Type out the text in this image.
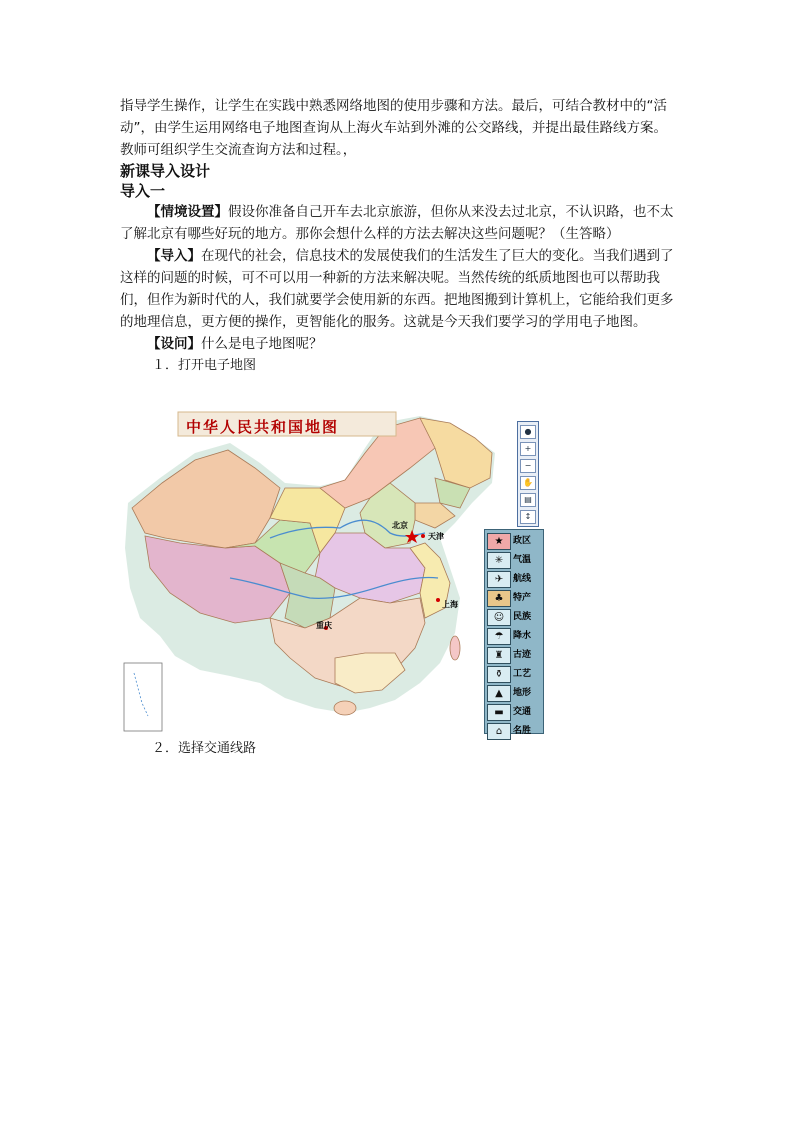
指导学生操作，让学生在实践中熟悉网络地图的使用步骤和方法。最后，可结合教材中的“活动”，由学生运用网络电子地图查询从上海火车站到外滩的公交路线，并提出最佳路线方案。教师可组织学生交流查询方法和过程。，

新课导入设计

导入一

【情境设置】假设你准备自己开车去北京旅游，但你从来没去过北京，不认识路，也不太了解北京有哪些好玩的地方。那你会想什么样的方法去解决这些问题呢？（生答略）

【导入】在现代的社会，信息技术的发展使我们的生活发生了巨大的变化。当我们遇到了这样的问题的时候，可不可以用一种新的方法来解决呢。当然传统的纸质地图也可以帮助我们，但作为新时代的人，我们就要学会使用新的东西。把地图搬到计算机上，它能给我们更多的地理信息，更方便的操作，更智能化的服务。这就是今天我们要学习的学用电子地图。

【设问】什么是电子地图呢？

１．打开电子地图

中华人民共和国地图
北京
天津
上海
重庆
●
+
−
✋
▤
↕
★	政区
✳	气温
✈	航线
♣	特产
☺ 民族
☂	降水
♜	古迹
⚱	工艺
▲	地形
▬	交通
⌂	名胜

２．选择交通线路
